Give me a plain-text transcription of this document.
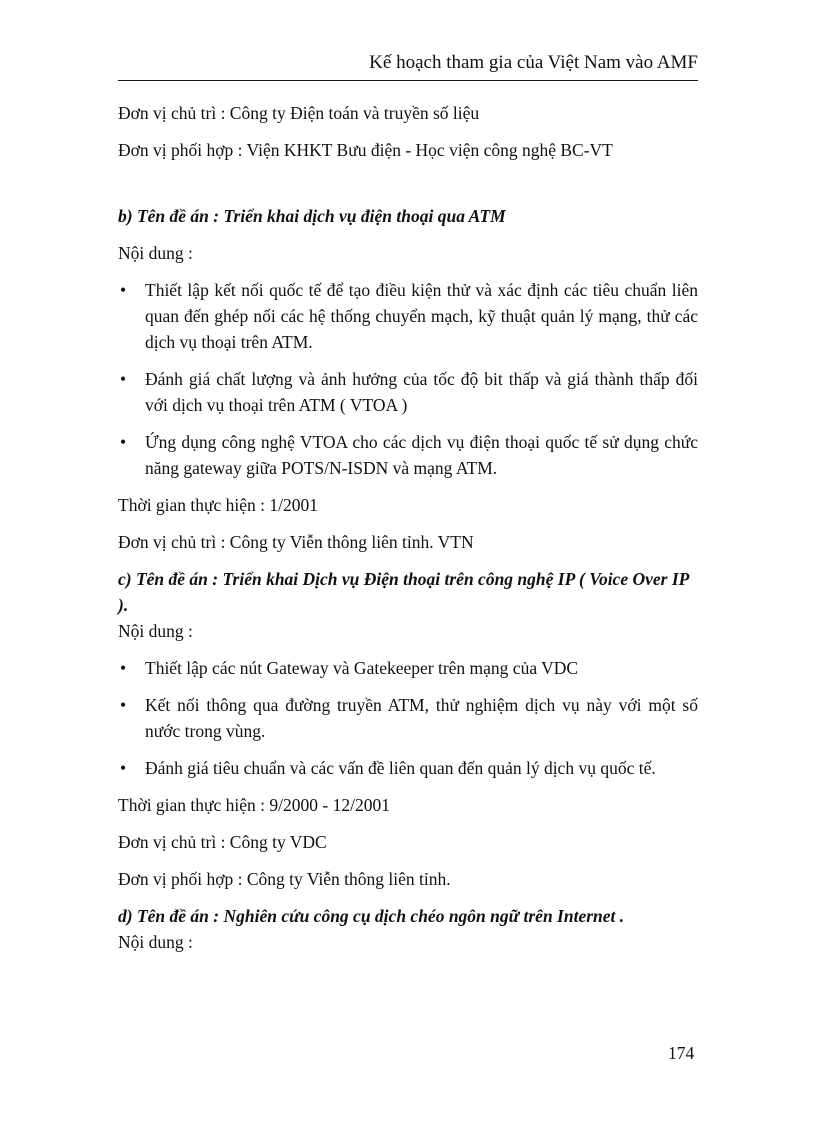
Kế hoạch tham gia của Việt Nam vào AMF

Đơn vị chủ trì : Công ty Điện toán và truyền số liệu

Đơn vị phối hợp : Viện KHKT Bưu điện - Học viện công nghệ BC-VT

b) Tên đề án : Triển khai dịch vụ điện thoại qua ATM

Nội dung :

• Thiết lập kết nối quốc tế để tạo điều kiện thử và xác định các tiêu chuẩn liên quan đến ghép nối các hệ thống chuyển mạch, kỹ thuật quản lý mạng, thử các dịch vụ thoại trên ATM.
• Đánh giá chất lượng và ảnh hưởng của tốc độ bit thấp và giá thành thấp đối với dịch vụ thoại trên ATM ( VTOA )
• Ứng dụng công nghệ VTOA cho các dịch vụ điện thoại quốc tế sử dụng chức năng gateway giữa POTS/N-ISDN và mạng ATM.

Thời gian thực hiện : 1/2001

Đơn vị chủ trì : Công ty Viễn thông liên tỉnh. VTN

c) Tên đề án : Triển khai Dịch vụ Điện thoại trên công nghệ IP ( Voice Over IP ).

Nội dung :

• Thiết lập các nút Gateway và Gatekeeper trên mạng của VDC
• Kết nối thông qua đường truyền ATM, thử nghiệm dịch vụ này với một số nước trong vùng.
• Đánh giá tiêu chuẩn và các vấn đề liên quan đến quản lý dịch vụ quốc tế.

Thời gian thực hiện : 9/2000 - 12/2001

Đơn vị chủ trì : Công ty VDC

Đơn vị phối hợp : Công ty Viễn thông liên tỉnh.

d) Tên đề án : Nghiên cứu công cụ dịch chéo ngôn ngữ trên Internet .

Nội dung :

174
